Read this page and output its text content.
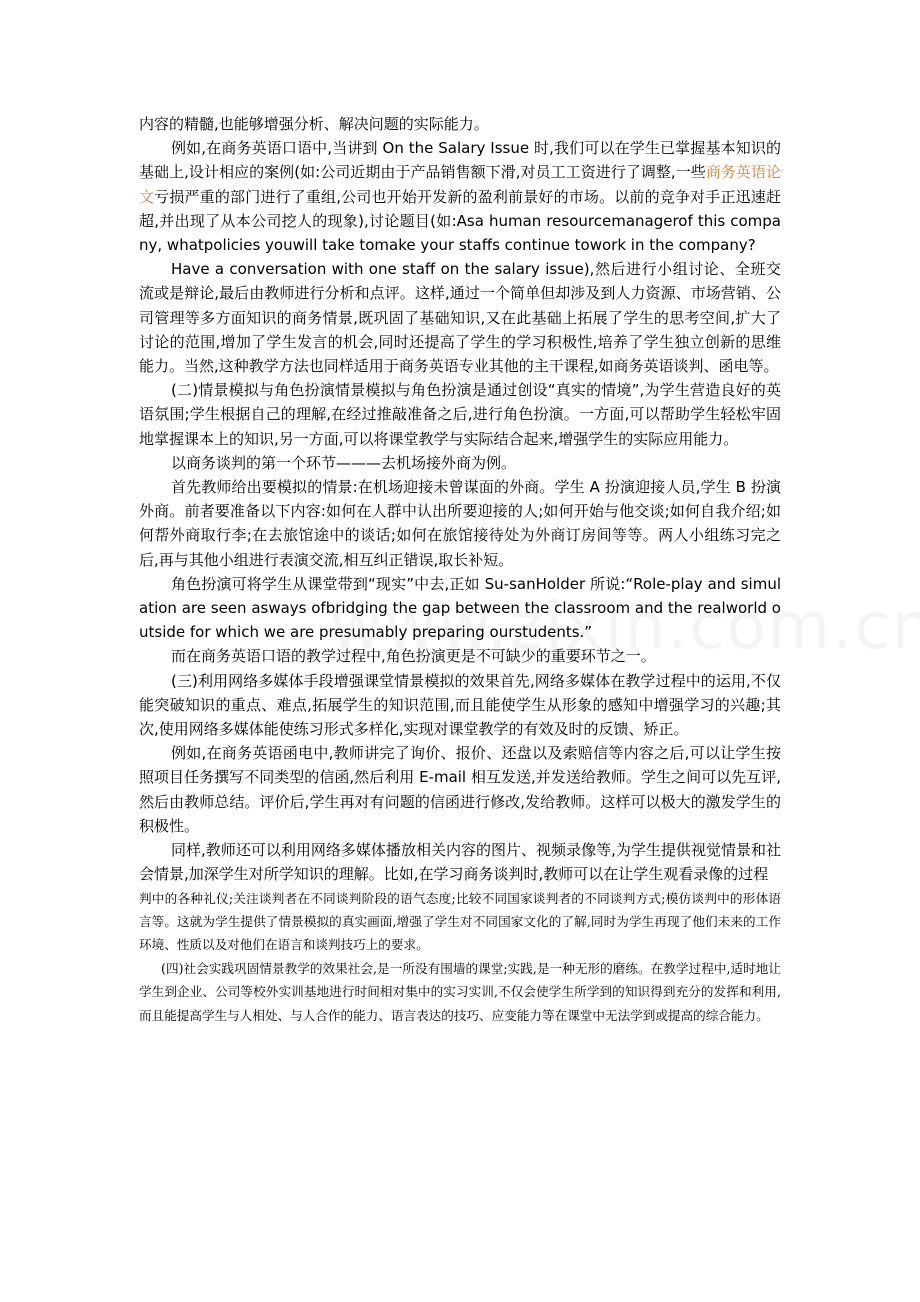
内容的精髓,也能够增强分析、解决问题的实际能力。

例如,在商务英语口语中,当讲到 On the Salary Issue 时,我们可以在学生已掌握基本知识的基础上,设计相应的案例(如:公司近期由于产品销售额下滑,对员工工资进行了调整,一些商务英语论文亏损严重的部门进行了重组,公司也开始开发新的盈利前景好的市场。以前的竞争对手正迅速赶超,并出现了从本公司挖人的现象),讨论题目(如:Asa human resourcemanagerof this company, whatpolicies youwill take tomake your staffs continue towork in the company?

Have a conversation with one staff on the salary issue),然后进行小组讨论、全班交流或是辩论,最后由教师进行分析和点评。这样,通过一个简单但却涉及到人力资源、市场营销、公司管理等多方面知识的商务情景,既巩固了基础知识,又在此基础上拓展了学生的思考空间,扩大了讨论的范围,增加了学生发言的机会,同时还提高了学生的学习积极性,培养了学生独立创新的思维能力。当然,这种教学方法也同样适用于商务英语专业其他的主干课程,如商务英语谈判、函电等。

(二)情景模拟与角色扮演情景模拟与角色扮演是通过创设“真实的情境”,为学生营造良好的英语氛围;学生根据自己的理解,在经过推敲准备之后,进行角色扮演。一方面,可以帮助学生轻松牢固地掌握课本上的知识,另一方面,可以将课堂教学与实际结合起来,增强学生的实际应用能力。

以商务谈判的第一个环节———去机场接外商为例。

首先教师给出要模拟的情景:在机场迎接未曾谋面的外商。学生 A 扮演迎接人员,学生 B 扮演外商。前者要准备以下内容:如何在人群中认出所要迎接的人;如何开始与他交谈;如何自我介绍;如何帮外商取行李;在去旅馆途中的谈话;如何在旅馆接待处为外商订房间等等。两人小组练习完之后,再与其他小组进行表演交流,相互纠正错误,取长补短。

角色扮演可将学生从课堂带到“现实”中去,正如 Su-sanHolder 所说:“Role-play and simulation are seen asways ofbridging the gap between the classroom and the realworld outside for which we are presumably preparing ourstudents.”

而在商务英语口语的教学过程中,角色扮演更是不可缺少的重要环节之一。

(三)利用网络多媒体手段增强课堂情景模拟的效果首先,网络多媒体在教学过程中的运用,不仅能突破知识的重点、难点,拓展学生的知识范围,而且能使学生从形象的感知中增强学习的兴趣;其次,使用网络多媒体能使练习形式多样化,实现对课堂教学的有效及时的反馈、矫正。

例如,在商务英语函电中,教师讲完了询价、报价、还盘以及索赔信等内容之后,可以让学生按照项目任务撰写不同类型的信函,然后利用 E-mail 相互发送,并发送给教师。学生之间可以先互评,然后由教师总结。评价后,学生再对有问题的信函进行修改,发给教师。这样可以极大的激发学生的积极性。

同样,教师还可以利用网络多媒体播放相关内容的图片、视频录像等,为学生提供视觉情景和社会情景,加深学生对所学知识的理解。比如,在学习商务谈判时,教师可以在让学生观看录像的过程

判中的各种礼仪;关注谈判者在不同谈判阶段的语气态度;比较不同国家谈判者的不同谈判方式;模仿谈判中的形体语言等。这就为学生提供了情景模拟的真实画面,增强了学生对不同国家文化的了解,同时为学生再现了他们未来的工作环境、性质以及对他们在语言和谈判技巧上的要求。

(四)社会实践巩固情景教学的效果社会,是一所没有围墙的课堂;实践,是一种无形的磨练。在教学过程中,适时地让学生到企业、公司等校外实训基地进行时间相对集中的实习实训,不仅会使学生所学到的知识得到充分的发挥和利用,而且能提高学生与人相处、与人合作的能力、语言表达的技巧、应变能力等在课堂中无法学到或提高的综合能力。
